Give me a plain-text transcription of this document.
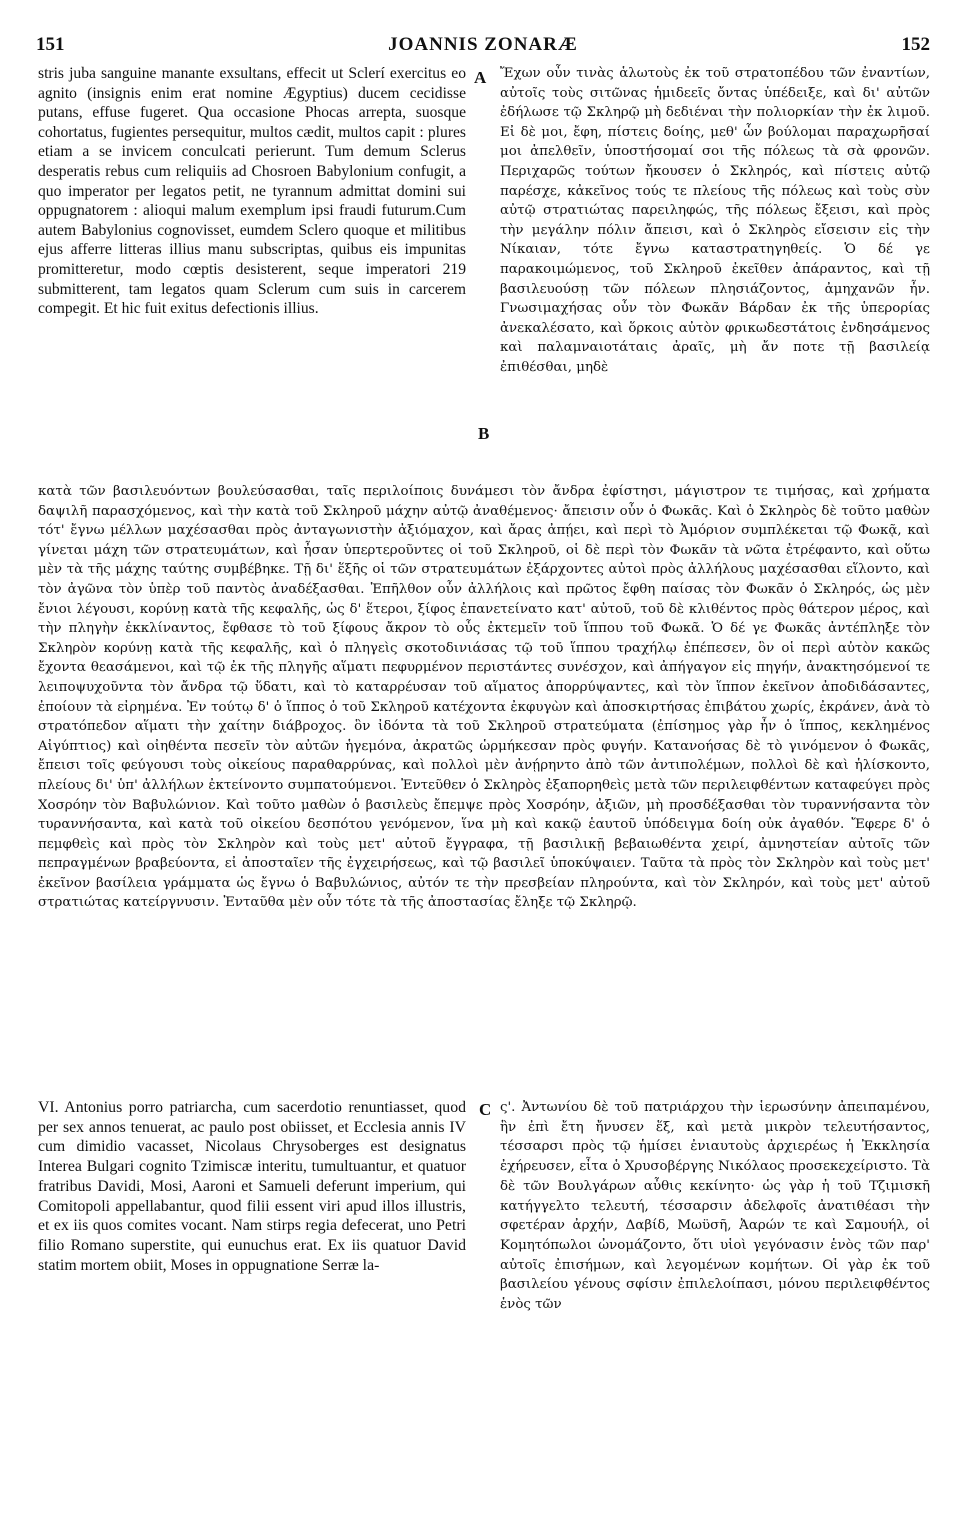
151	JOANNIS ZONARÆ	152

stris juba sanguine manante exsultans, effecit ut Sclerí exercitus eo agnito (insignis enim erat nomine Ægyptius) ducem cecidisse putans, effuse fugeret. Qua occasione Phocas arrepta, suosque cohortatus, fugientes persequitur, multos cædit, multos capit : plures etiam a se invicem conculcati perierunt. Tum demum Sclerus desperatis rebus cum reliquiis ad Chosroen Babylonium confugit, a quo imperator per legatos petit, ne tyrannum admittat domini sui oppugnatorem : alioqui malum exemplum ipsi fraudi futurum.Cum autem Babylonius cognovisset, eumdem Sclero quoque et militibus ejus afferre litteras illius manu subscriptas, quibus eis impunitas promitteretur, modo cœptis desisterent, seque imperatori 219 submitterent, tam legatos quam Sclerum cum suis in carcerem compegit. Et hic fuit exitus defectionis illius.

A
B

Ἔχων οὖν τινὰς ἁλωτοὺς ἐκ τοῦ στρατοπέδου τῶν ἐναντίων, αὐτοῖς τοὺς σιτῶνας ἡμιδεεῖς ὄντας ὑπέδειξε, καὶ δι' αὐτῶν ἐδήλωσε τῷ Σκληρῷ μὴ δεδιέναι τὴν πολιορκίαν τὴν ἐκ λιμοῦ. Εἰ δὲ μοι, ἔφη, πίστεις δοίης, μεθ' ὧν βούλομαι παραχωρῆσαί μοι ἀπελθεῖν, ὑποστήσομαί σοι τῆς πόλεως τὰ σὰ φρονῶν. Περιχαρῶς τούτων ἤκουσεν ὁ Σκληρός, καὶ πίστεις αὐτῷ παρέσχε, κἀκεῖνος τούς τε πλείους τῆς πόλεως καὶ τοὺς σὺν αὐτῷ στρατιώτας παρειληφώς, τῆς πόλεως ἔξεισι, καὶ πρὸς τὴν μεγάλην πόλιν ἄπεισι, καὶ ὁ Σκληρὸς εἴσεισιν εἰς τὴν Νίκαιαν, τότε ἔγνω καταστρατηγηθείς. Ὁ δέ γε παρακοιμώμενος, τοῦ Σκληροῦ ἐκεῖθεν ἀπάραντος, καὶ τῇ βασιλευούσῃ τῶν πόλεων πλησιάζοντος, ἀμηχανῶν ἦν. Γνωσιμαχήσας οὖν τὸν Φωκᾶν Βάρδαν ἐκ τῆς ὑπερορίας ἀνεκαλέσατο, καὶ ὅρκοις αὐτὸν φρικωδεστάτοις ἐνδησάμενος καὶ παλαμναιοτάταις ἀραῖς, μὴ ἄν ποτε τῇ βασιλείᾳ ἐπιθέσθαι, μηδὲ

κατὰ τῶν βασιλευόντων βουλεύσασθαι, ταῖς περιλοίποις δυνάμεσι τὸν ἄνδρα ἐφίστησι, μάγιστρον τε τιμήσας, καὶ χρήματα δαψιλῆ παρασχόμενος, καὶ τὴν κατὰ τοῦ Σκληροῦ μάχην αὐτῷ ἀναθέμενος· ἄπεισιν οὖν ὁ Φωκᾶς. Καὶ ὁ Σκληρὸς δὲ τοῦτο μαθὼν τότ' ἔγνω μέλλων μαχέσασθαι πρὸς ἀνταγωνιστὴν ἀξιόμαχον, καὶ ἄρας ἀπῄει, καὶ περὶ τὸ Ἀμόριον συμπλέκεται τῷ Φωκᾷ, καὶ γίνεται μάχη τῶν στρατευμάτων, καὶ ἦσαν ὑπερτεροῦντες οἱ τοῦ Σκληροῦ, οἱ δὲ περὶ τὸν Φωκᾶν τὰ νῶτα ἐτρέφαντο, καὶ οὕτω μὲν τὰ τῆς μάχης ταύτης συμβέβηκε. Τῇ δι' ἕξῆς οἱ τῶν στρατευμάτων ἐξάρχοντες αὐτοὶ πρὸς ἀλλήλους μαχέσασθαι εἵλοντο, καὶ τὸν ἀγῶνα τὸν ὑπὲρ τοῦ παντὸς ἀναδέξασθαι. Ἐπῆλθον οὖν ἀλλήλοις καὶ πρῶτος ἔφθη παίσας τὸν Φωκᾶν ὁ Σκληρός, ὡς μὲν ἔνιοι λέγουσι, κορύνῃ κατὰ τῆς κεφαλῆς, ὡς δ' ἕτεροι, ξίφος ἐπανετείνατο κατ' αὐτοῦ, τοῦ δὲ κλιθέντος πρὸς θάτερον μέρος, καὶ τὴν πληγὴν ἐκκλίναντος, ἔφθασε τὸ τοῦ ξίφους ἄκρον τὸ οὖς ἐκτεμεῖν τοῦ ἵππου τοῦ Φωκᾶ. Ὁ δέ γε Φωκᾶς ἀντέπληξε τὸν Σκληρὸν κορύνῃ κατὰ τῆς κεφαλῆς, καὶ ὁ πληγεὶς σκοτοδινιάσας τῷ τοῦ ἵππου τραχήλῳ ἐπέπεσεν, ὃν οἱ περὶ αὐτὸν κακῶς ἔχοντα θεασάμενοι, καὶ τῷ ἐκ τῆς πληγῆς αἵματι πεφυρμένον περιστάντες συνέσχον, καὶ ἀπήγαγον εἰς πηγήν, ἀνακτησόμενοί τε λειποψυχοῦντα τὸν ἄνδρα τῷ ὕδατι, καὶ τὸ καταρρέυσαν τοῦ αἵματος ἀπορρύψαντες, καὶ τὸν ἵππον ἐκεῖνον ἀποδιδάσαντες, ἐποίουν τὰ εἰρημένα. Ἐν τούτῳ δ' ὁ ἵππος ὁ τοῦ Σκληροῦ κατέχοντα ἐκφυγὼν καὶ ἀποσκιρτήσας ἐπιβάτου χωρίς, ἐκράνεν, ἀνὰ τὸ στρατόπεδον αἵματι τὴν χαίτην διάβροχος. ὃν ἰδόντα τὰ τοῦ Σκληροῦ στρατεύματα (ἐπίσημος γὰρ ἦν ὁ ἵππος, κεκλημένος Αἰγύπτιος) καὶ οἰηθέντα πεσεῖν τὸν αὐτῶν ἡγεμόνα, ἀκρατῶς ὡρμήκεσαν πρὸς φυγήν. Κατανοήσας δὲ τὸ γινόμενον ὁ Φωκᾶς, ἔπεισι τοῖς φεύγουσι τοὺς οἰκείους παραθαρρύνας, καὶ πολλοὶ μὲν ἀνῄρηντο ἀπὸ τῶν ἀντιπολέμων, πολλοὶ δὲ καὶ ἡλίσκοντο, πλείους δι' ὑπ' ἀλλήλων ἐκτείνοντο συμπατούμενοι. Ἐντεῦθεν ὁ Σκληρὸς ἐξαπορηθεὶς μετὰ τῶν περιλειφθέντων καταφεύγει πρὸς Χοσρόην τὸν Βαβυλώνιον. Καὶ τοῦτο μαθὼν ὁ βασιλεὺς ἔπεμψε πρὸς Χοσρόην, ἀξιῶν, μὴ προσδέξασθαι τὸν τυραννήσαντα τὸν τυραννήσαντα, καὶ κατὰ τοῦ οἰκείου δεσπότου γενόμενον, ἵνα μὴ καὶ κακῷ ἑαυτοῦ ὑπόδειγμα δοίη οὐκ ἀγαθόν. Ἔφερε δ' ὁ πεμφθεὶς καὶ πρὸς τὸν Σκληρὸν καὶ τοὺς μετ' αὐτοῦ ἔγγραφα, τῇ βασιλικῇ βεβαιωθέντα χειρί, ἀμνηστείαν αὐτοῖς τῶν πεπραγμένων βραβεύοντα, εἰ ἀποσταῖεν τῆς ἐγχειρήσεως, καὶ τῷ βασιλεῖ ὑποκύψαιεν. Ταῦτα τὰ πρὸς τὸν Σκληρὸν καὶ τοὺς μετ' ἐκεῖνον βασίλεια γράμματα ὡς ἔγνω ὁ Βαβυλώνιος, αὐτόν τε τὴν πρεσβείαν πληρούντα, καὶ τὸν Σκληρόν, καὶ τοὺς μετ' αὐτοῦ στρατιώτας κατείργνυσιν. Ἐνταῦθα μὲν οὖν τότε τὰ τῆς ἀποστασίας ἔληξε τῷ Σκληρῷ.

VI. Antonius porro patriarcha, cum sacerdotio renuntiasset, quod per sex annos tenuerat, ac paulo post obiisset, et Ecclesia annis IV cum dimidio vacasset, Nicolaus Chrysoberges est designatus Interea Bulgari cognito Tzimiscæ interitu, tumultuantur, et quatuor fratribus Davidi, Mosi, Aaroni et Samueli deferunt imperium, qui Comitopoli appellabantur, quod filii essent viri apud illos illustris, et ex iis quos comites vocant. Nam stirps regia defecerat, uno Petri filio Romano superstite, qui eunuchus erat. Ex iis quatuor David statim mortem obiit, Moses in oppugnatione Serræ la-

C ς'. Ἀντωνίου δὲ τοῦ πατριάρχου τὴν ἱερωσύνην ἀπειπαμένου, ἣν ἐπὶ ἔτη ἤνυσεν ἕξ, καὶ μετὰ μικρὸν τελευτήσαντος, τέσσαρσι πρὸς τῷ ἡμίσει ἐνιαυτοὺς ἀρχιερέως ἡ Ἐκκλησία ἐχήρευσεν, εἶτα ὁ Χρυσοβέργης Νικόλαος προσεκεχείριστο. Τὰ δὲ τῶν Βουλγάρων αὖθις κεκίνητο· ὡς γὰρ ἡ τοῦ Τζιμισκῆ κατήγγελτο τελευτή, τέσσαρσιν ἀδελφοῖς ἀνατιθέασι τὴν σφετέραν ἀρχήν, Δαβίδ, Μωϋσῆ, Ἀαρών τε καὶ Σαμουήλ, οἱ Κομητόπωλοι ὠνομάζοντο, ὅτι υἱοὶ γεγόνασιν ἑνὸς τῶν παρ' αὐτοῖς ἐπισήμων, καὶ λεγομένων κομήτων. Οἱ γὰρ ἐκ τοῦ βασιλείου γένους σφίσιν ἐπιλελοίπασι, μόνου περιλειφθέντος ἑνὸς τῶν
